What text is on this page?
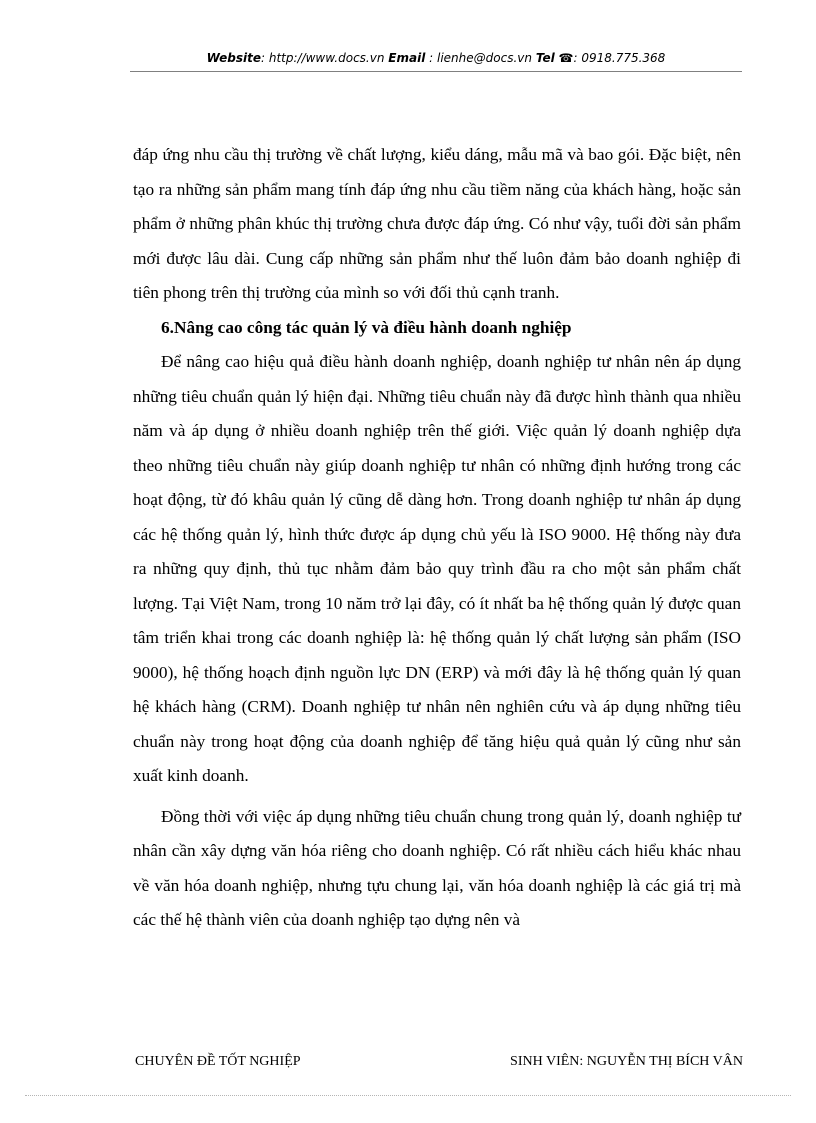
Website: http://www.docs.vn Email : lienhe@docs.vn Tel ☎: 0918.775.368

đáp ứng nhu cầu thị trường về chất lượng, kiểu dáng, mẫu mã và bao gói. Đặc biệt, nên tạo ra những sản phẩm mang tính đáp ứng nhu cầu tiềm năng của khách hàng, hoặc sản phẩm ở những phân khúc thị trường chưa được đáp ứng. Có như vậy, tuổi đời sản phẩm mới được lâu dài. Cung cấp những sản phẩm như thế luôn đảm bảo doanh nghiệp đi tiên phong trên thị trường của mình so với đối thủ cạnh tranh.

6.Nâng cao công tác quản lý và điều hành doanh nghiệp

Để nâng cao hiệu quả điều hành doanh nghiệp, doanh nghiệp tư nhân nên áp dụng những tiêu chuẩn quản lý hiện đại. Những tiêu chuẩn này đã được hình thành qua nhiều năm và áp dụng ở nhiều doanh nghiệp trên thế giới. Việc quản lý doanh nghiệp dựa theo những tiêu chuẩn này giúp doanh nghiệp tư nhân có những định hướng trong các hoạt động, từ đó khâu quản lý cũng dễ dàng hơn. Trong doanh nghiệp tư nhân áp dụng các hệ thống quản lý, hình thức được áp dụng chủ yếu là ISO 9000. Hệ thống này đưa ra những quy định, thủ tục nhằm đảm bảo quy trình đầu ra cho một sản phẩm chất lượng. Tại Việt Nam, trong 10 năm trở lại đây, có ít nhất ba hệ thống quản lý được quan tâm triển khai trong các doanh nghiệp là: hệ thống quản lý chất lượng sản phẩm (ISO 9000), hệ thống hoạch định nguồn lực DN (ERP) và mới đây là hệ thống quản lý quan hệ khách hàng (CRM). Doanh nghiệp tư nhân nên nghiên cứu và áp dụng những tiêu chuẩn này trong hoạt động của doanh nghiệp để tăng hiệu quả quản lý cũng như sản xuất kinh doanh.

Đồng thời với việc áp dụng những tiêu chuẩn chung trong quản lý, doanh nghiệp tư nhân cần xây dựng văn hóa riêng cho doanh nghiệp. Có rất nhiều cách hiểu khác nhau về văn hóa doanh nghiệp, nhưng tựu chung lại, văn hóa doanh nghiệp là các giá trị mà các thế hệ thành viên của doanh nghiệp tạo dựng nên và

CHUYÊN ĐỀ TỐT NGHIỆP	SINH VIÊN: NGUYỄN THỊ BÍCH VÂN
